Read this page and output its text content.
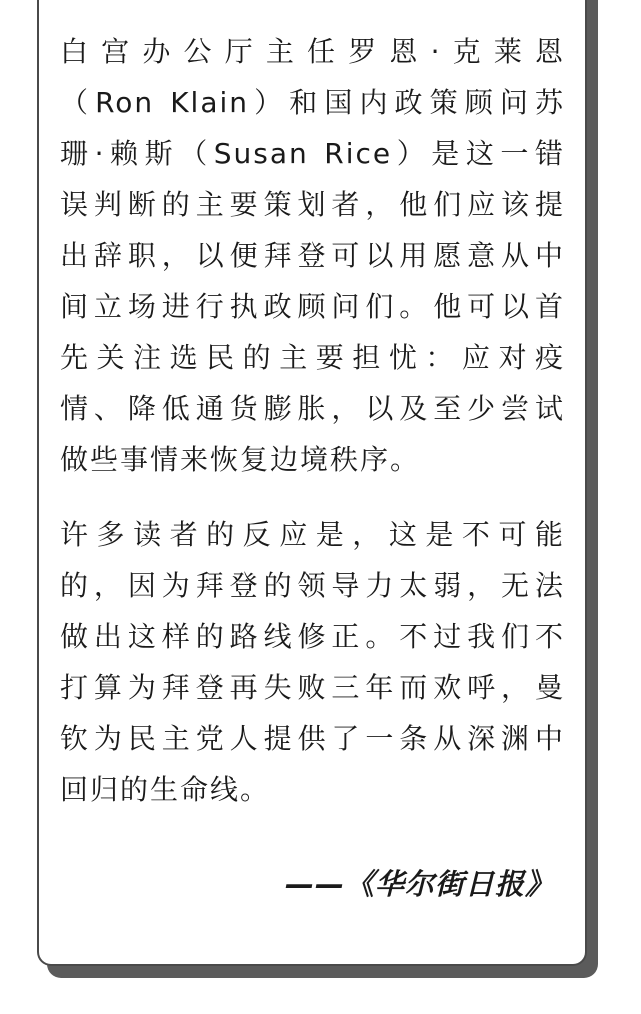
白宫办公厅主任罗恩·克莱恩
（Ron Klain）和国内政策顾问苏
珊·赖斯（Susan Rice）是这一错
误判断的主要策划者，他们应该提
出辞职，以便拜登可以用愿意从中
间立场进行执政顾问们。他可以首
先关注选民的主要担忧：应对疫
情、降低通货膨胀，以及至少尝试
做些事情来恢复边境秩序。
许多读者的反应是，这是不可能
的，因为拜登的领导力太弱，无法
做出这样的路线修正。不过我们不
打算为拜登再失败三年而欢呼，曼
钦为民主党人提供了一条从深渊中
回归的生命线。
——《华尔街日报》
